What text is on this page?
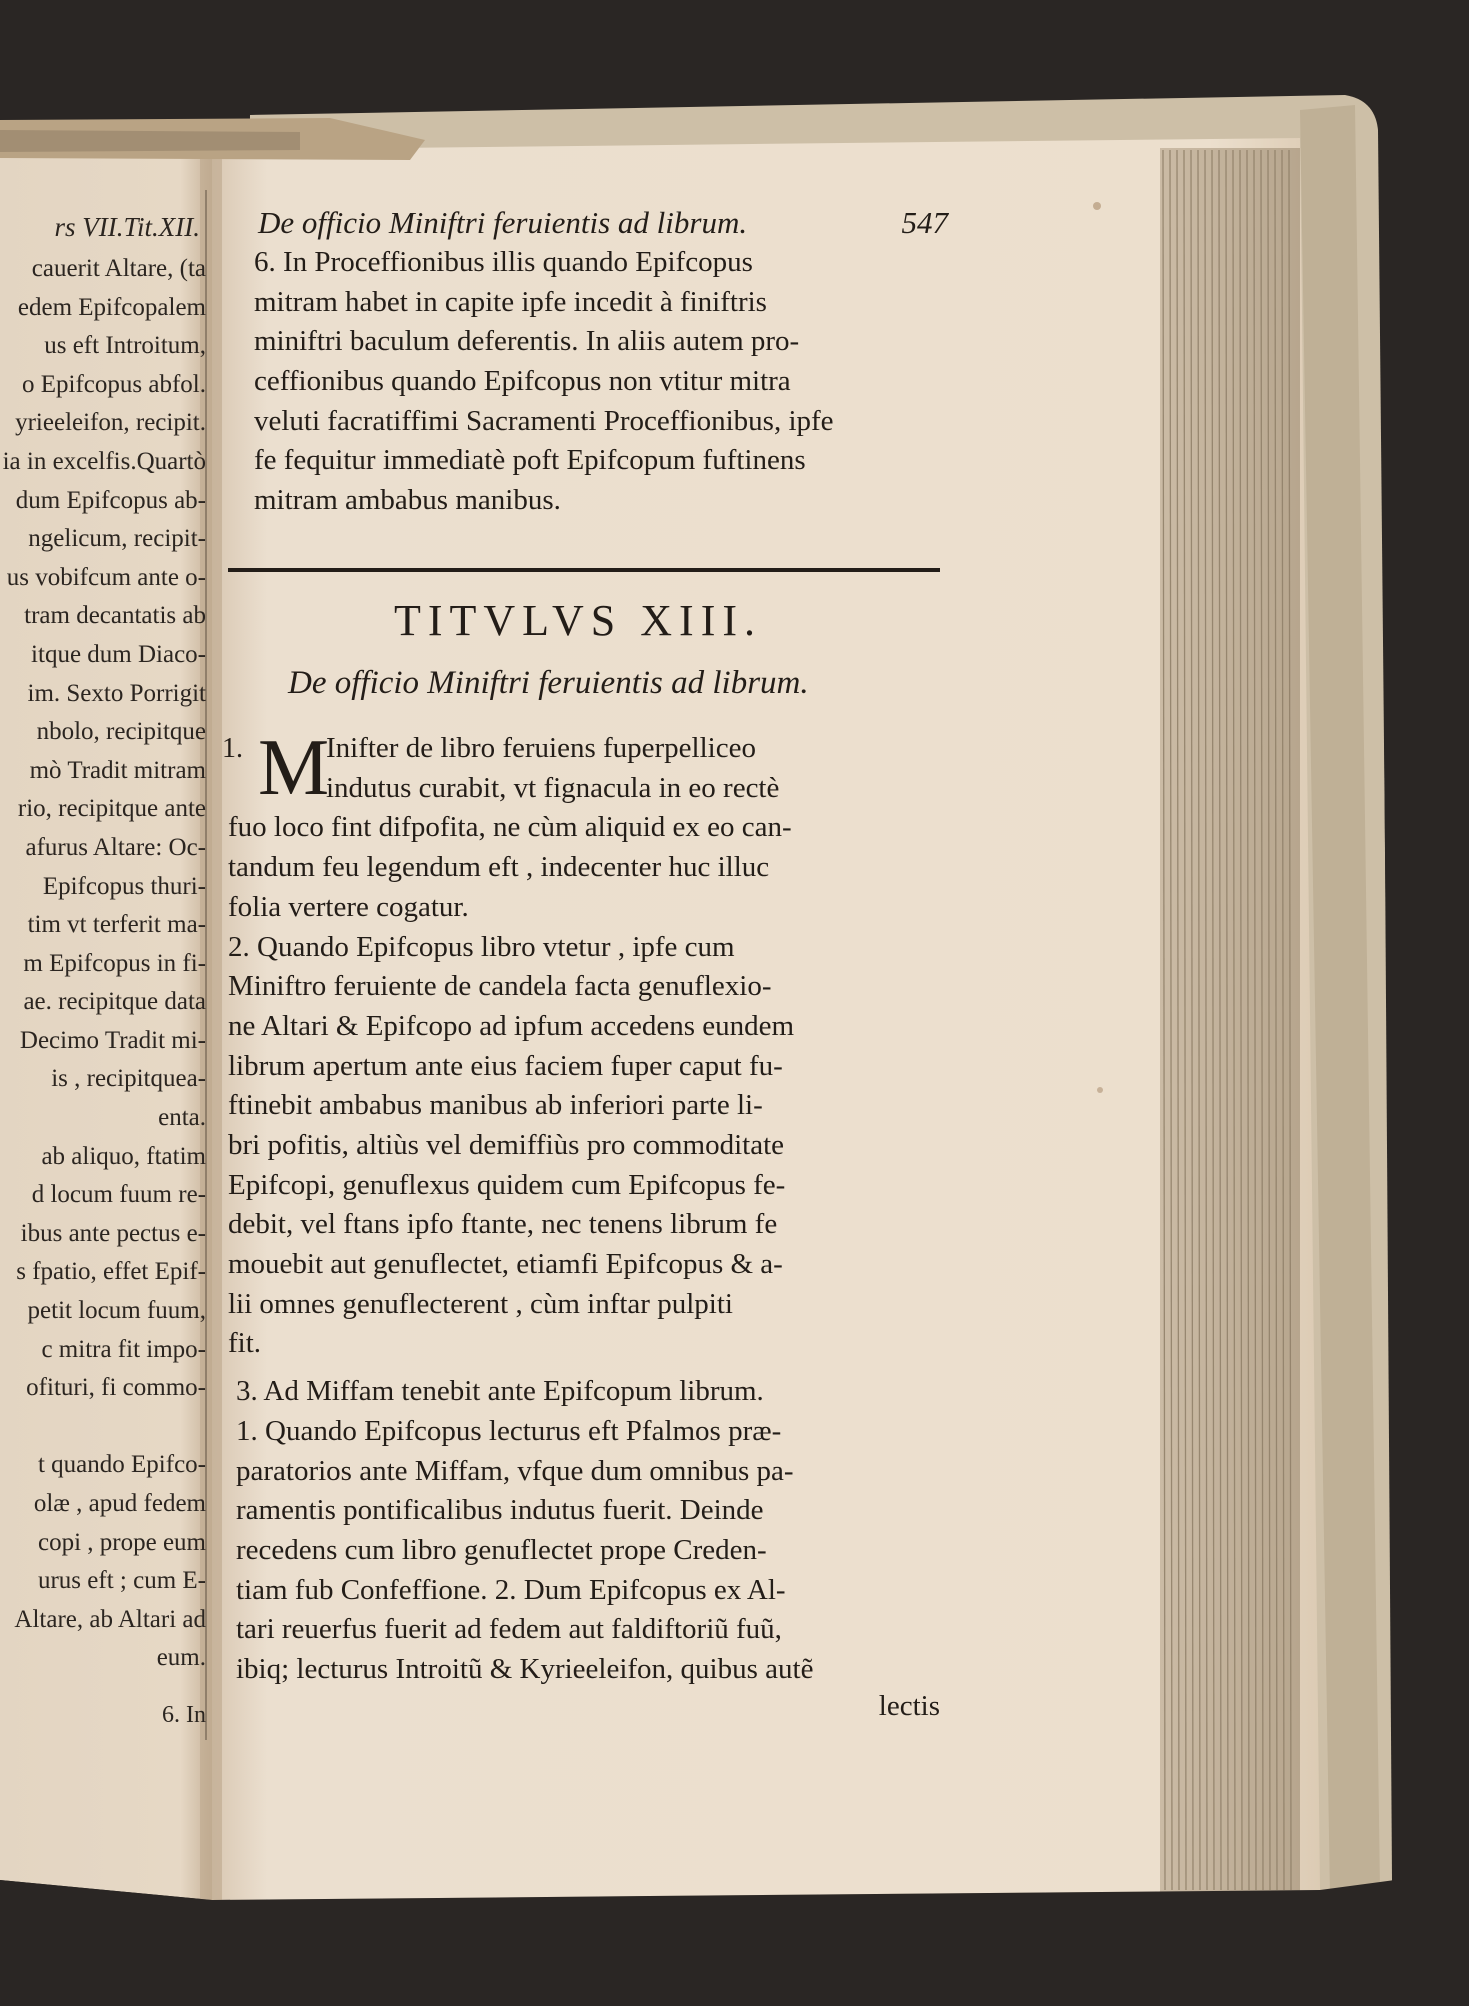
rs VII.Tit.XII.
cauerit Altare, (ta
edem Epifcopalem
us eft Introitum,
o Epifcopus abfol.
yrieeleifon, recipit.
ia in excelfis.Quartò
dum Epifcopus ab-
ngelicum, recipit-
us vobifcum ante o-
tram decantatis ab
itque dum Diaco-
im. Sexto Porrigit
nbolo, recipitque
mò Tradit mitram
rio, recipitque ante
afurus Altare: Oc-
Epifcopus thuri-
tim vt terferit ma-
m Epifcopus in fi-
ae. recipitque data
Decimo Tradit mi-
is , recipitquea-
enta.
ab aliquo, ftatim
d locum fuum re-
ibus ante pectus e-
s fpatio, effet Epif-
petit locum fuum,
c mitra fit impo-
ofituri, fi commo-
t quando Epifco-
olæ , apud fedem
copi , prope eum
urus eft ; cum E-
Altare, ab Altari ad
eum.
6. In
De officio Miniftri feruientis ad librum.	547
6. In Proceffionibus illis quando Epifcopus
mitram habet in capite ipfe incedit à finiftris
miniftri baculum deferentis. In aliis autem pro-
ceffionibus quando Epifcopus non vtitur mitra
veluti facratiffimi Sacramenti Proceffionibus, ipfe
fe fequitur immediatè poft Epifcopum fuftinens
mitram ambabus manibus.
TITVLVS XIII.
De officio Miniftri feruientis ad librum.
1. M
Inifter de libro feruiens fuperpelliceo
indutus curabit, vt fignacula in eo rectè
fuo loco fint difpofita, ne cùm aliquid ex eo can-
tandum feu legendum eft , indecenter huc illuc
folia vertere cogatur.
2. Quando Epifcopus libro vtetur , ipfe cum
Miniftro feruiente de candela facta genuflexio-
ne Altari & Epifcopo ad ipfum accedens eundem
librum apertum ante eius faciem fuper caput fu-
ftinebit ambabus manibus ab inferiori parte li-
bri pofitis, altiùs vel demiffiùs pro commoditate
Epifcopi, genuflexus quidem cum Epifcopus fe-
debit, vel ftans ipfo ftante, nec tenens librum fe
mouebit aut genuflectet, etiamfi Epifcopus & a-
lii omnes genuflecterent , cùm inftar pulpiti
fit.
3. Ad Miffam tenebit ante Epifcopum librum.
1. Quando Epifcopus lecturus eft Pfalmos præ-
paratorios ante Miffam, vfque dum omnibus pa-
ramentis pontificalibus indutus fuerit. Deinde
recedens cum libro genuflectet prope Creden-
tiam fub Confeffione. 2. Dum Epifcopus ex Al-
tari reuerfus fuerit ad fedem aut faldiftoriũ fuũ,
ibiq; lecturus Introitũ & Kyrieeleifon, quibus autẽ
lectis
